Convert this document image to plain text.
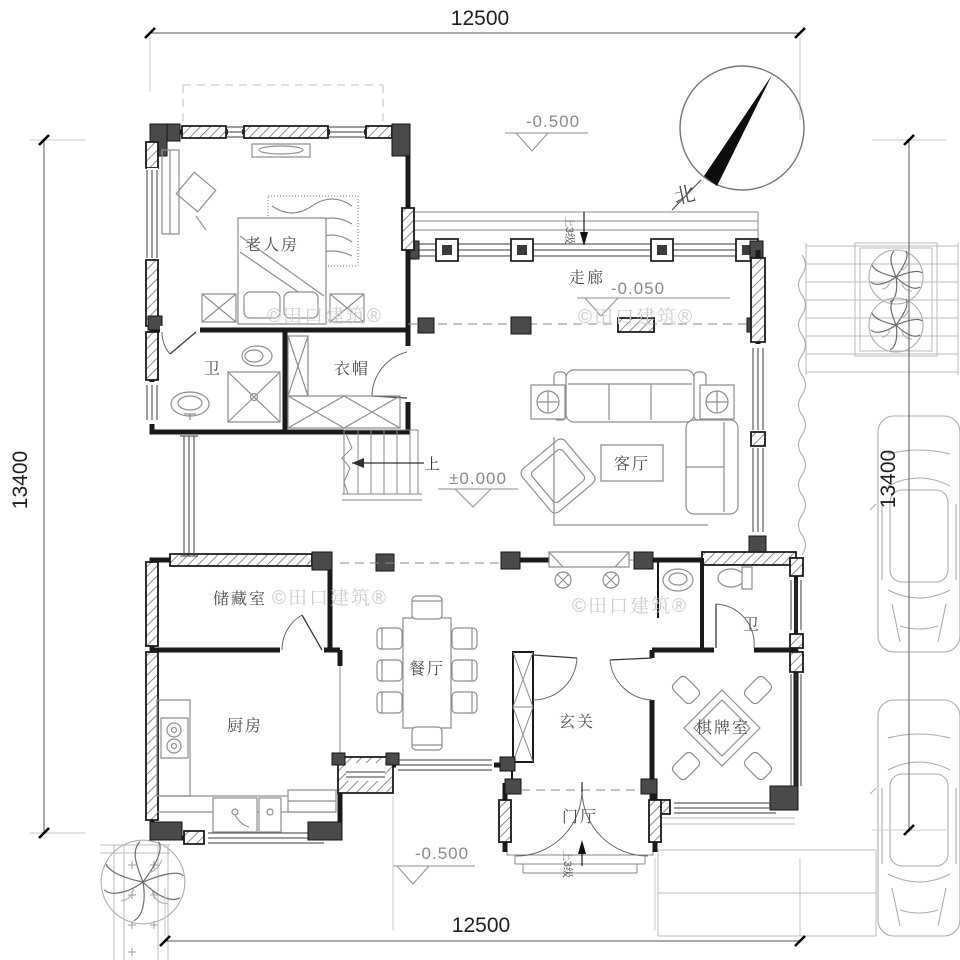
上
上3级
上3级
老人房
卫	衣帽
走廊
客厅
储藏室
餐厅
厨房	玄关	棋牌室
卫
门厅
-0.500
-0.050
±0.000
-0.500
12500
12500
13400	13400
北
©田口建筑®	©田口建筑®
©田口建筑®	©田口建筑®
